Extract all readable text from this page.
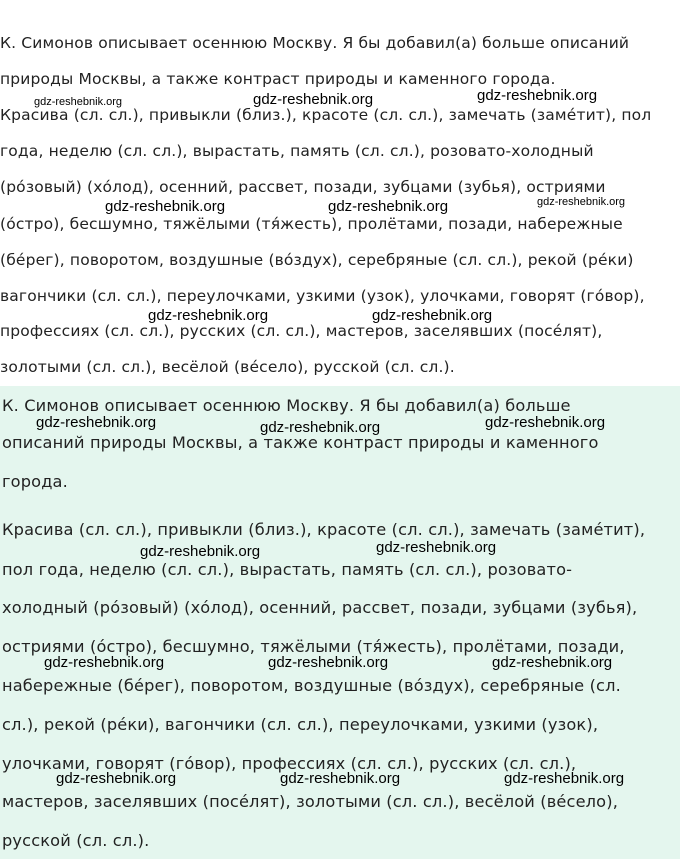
К. Симонов описывает осеннюю Москву. Я бы добавил(а) больше описаний
природы Москвы, а также контраст природы и каменного города.
Красива (сл. сл.), привыкли (близ.), красоте (сл. сл.), замечать (замéтит), пол
года, неделю (сл. сл.), вырастать, память (сл. сл.), розовато-холодный
(рóзовый) (хóлод), осенний, рассвет, позади, зубцами (зубья), остриями
(óстро), бесшумно, тяжёлыми (тя́жесть), пролётами, позади, набережные
(бéрег), поворотом, воздушные (вóздух), серебряные (сл. сл.), рекой (рéки)
вагончики (сл. сл.), переулочками, узкими (узок), улочками, говорят (гóвор),
профессиях (сл. сл.), русских (сл. сл.), мастеров, заселявших (посéлят),
золотыми (сл. сл.), весёлой (вéсело), русской (сл. сл.).
gdz-reshebnik.org	gdz-reshebnik.org	gdz-reshebnik.org
gdz-reshebnik.org	gdz-reshebnik.org	gdz-reshebnik.org
gdz-reshebnik.org	gdz-reshebnik.org
К. Симонов описывает осеннюю Москву. Я бы добавил(а) больше
описаний природы Москвы, а также контраст природы и каменного
города.
Красива (сл. сл.), привыкли (близ.), красоте (сл. сл.), замечать (замéтит),
пол года, неделю (сл. сл.), вырастать, память (сл. сл.), розовато-
холодный (рóзовый) (хóлод), осенний, рассвет, позади, зубцами (зубья),
остриями (óстро), бесшумно, тяжёлыми (тя́жесть), пролётами, позади,
набережные (бéрег), поворотом, воздушные (вóздух), серебряные (сл.
сл.), рекой (рéки), вагончики (сл. сл.), переулочками, узкими (узок),
улочками, говорят (гóвор), профессиях (сл. сл.), русских (сл. сл.),
мастеров, заселявших (посéлят), золотыми (сл. сл.), весёлой (вéсело),
русской (сл. сл.).
gdz-reshebnik.org	gdz-reshebnik.org	gdz-reshebnik.org
gdz-reshebnik.org	gdz-reshebnik.org
gdz-reshebnik.org	gdz-reshebnik.org	gdz-reshebnik.org
gdz-reshebnik.org	gdz-reshebnik.org	gdz-reshebnik.org
